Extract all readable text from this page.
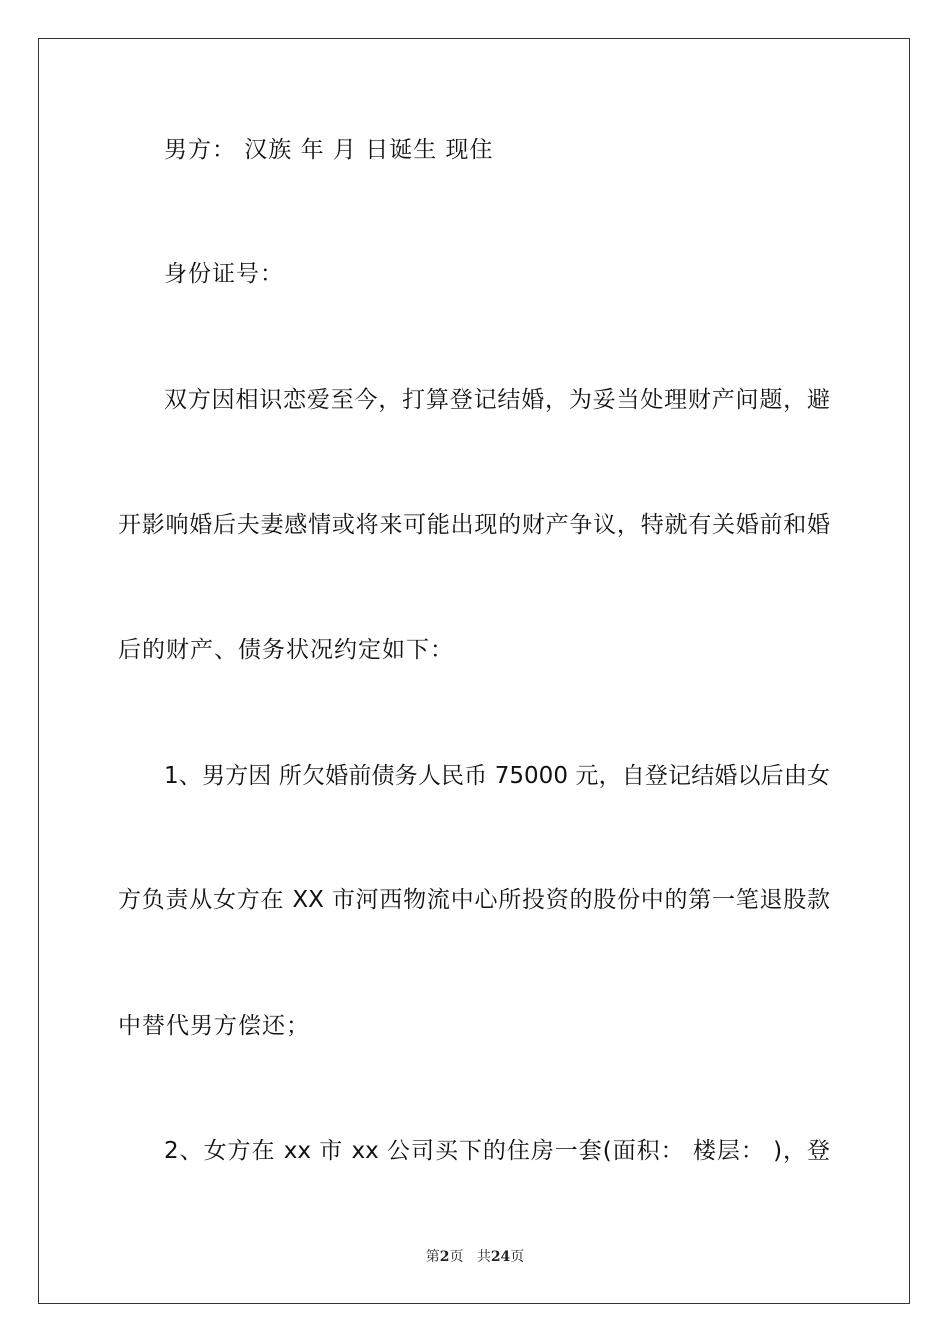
男方： 汉族 年 月 日诞生 现住
身份证号：
双方因相识恋爱至今，打算登记结婚，为妥当处理财产问题，避
开影响婚后夫妻感情或将来可能出现的财产争议，特就有关婚前和婚
后的财产、债务状况约定如下：
1、男方因 所欠婚前债务人民币 75000 元，自登记结婚以后由女
方负责从女方在 XX 市河西物流中心所投资的股份中的第一笔退股款
中替代男方偿还；
2、女方在 xx 市 xx 公司买下的住房一套(面积： 楼层： )，登
第2页 共24页
